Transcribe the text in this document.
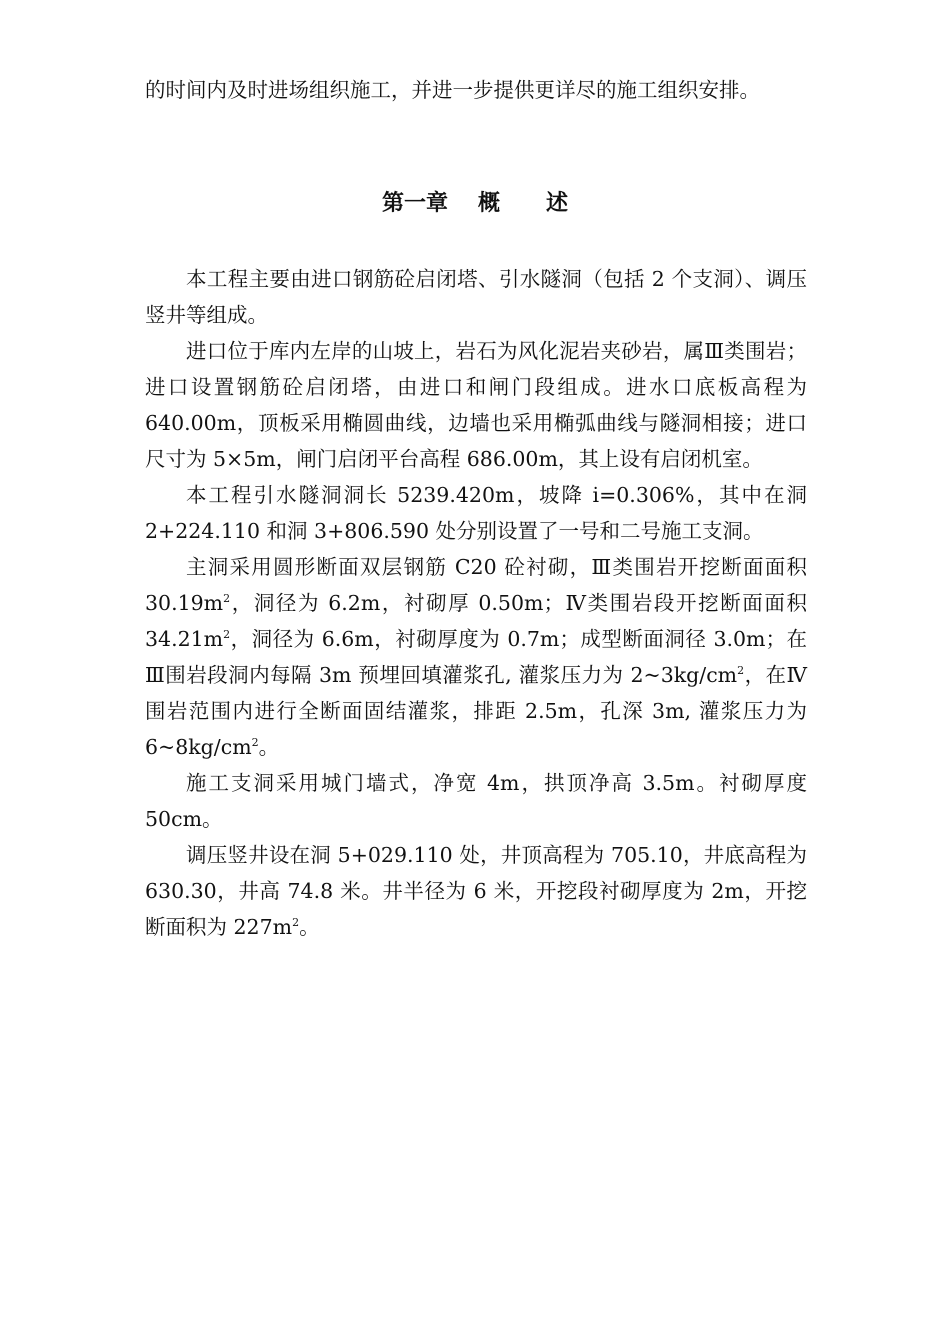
的时间内及时进场组织施工，并进一步提供更详尽的施工组织安排。

第一章 概 述

本工程主要由进口钢筋砼启闭塔、引水隧洞（包括 2 个支洞）、调压竖井等组成。

进口位于库内左岸的山坡上，岩石为风化泥岩夹砂岩，属Ⅲ类围岩；进口设置钢筋砼启闭塔，由进口和闸门段组成。进水口底板高程为 640.00m，顶板采用椭圆曲线，边墙也采用椭弧曲线与隧洞相接；进口尺寸为 5×5m，闸门启闭平台高程 686.00m，其上设有启闭机室。

本工程引水隧洞洞长 5239.420m，坡降 i=0.306%，其中在洞 2+224.110 和洞 3+806.590 处分别设置了一号和二号施工支洞。

主洞采用圆形断面双层钢筋 C20 砼衬砌，Ⅲ类围岩开挖断面面积 $30.19m^2$，洞径为 6.2m，衬砌厚 0.50m；Ⅳ类围岩段开挖断面面积 $34.21m^2$，洞径为 6.6m，衬砌厚度为 0.7m；成型断面洞径 3.0m；在Ⅲ围岩段洞内每隔 3m 预埋回填灌浆孔, 灌浆压力为 $2\sim 3kg/cm^2$，在Ⅳ围岩范围内进行全断面固结灌浆，排距 2.5m，孔深 3m, 灌浆压力为 $6\sim 8kg/cm^2$。

施工支洞采用城门墙式，净宽 4m，拱顶净高 3.5m。衬砌厚度 50cm。

调压竖井设在洞 5+029.110 处，井顶高程为 705.10，井底高程为 630.30，井高 74.8 米。井半径为 6 米，开挖段衬砌厚度为 2m，开挖断面积为 $227m^2$。
